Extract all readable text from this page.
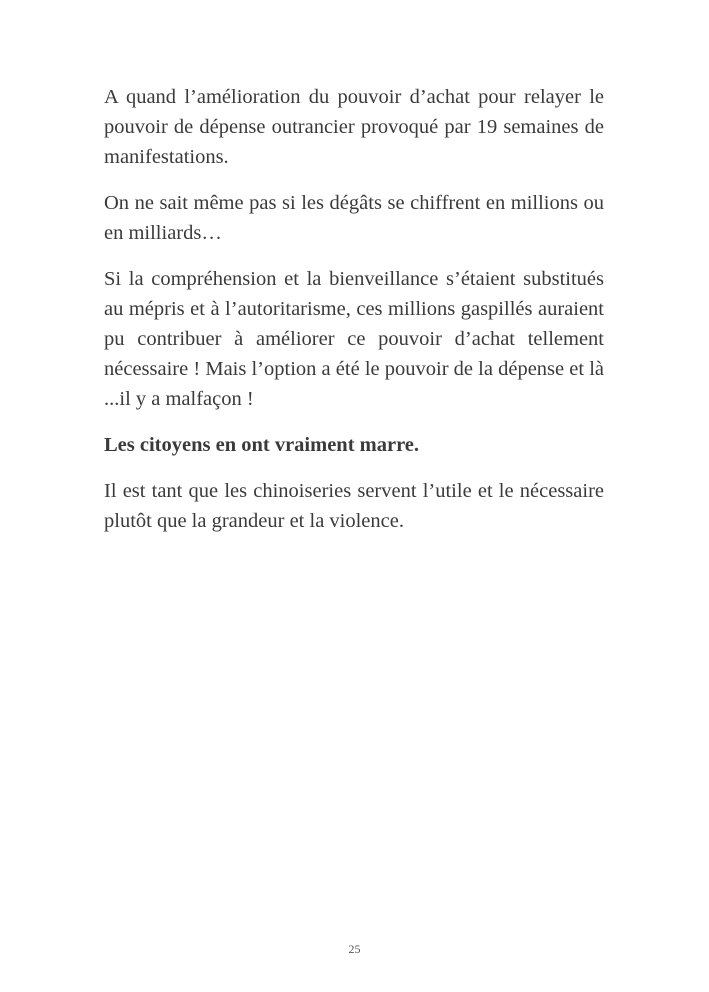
A quand l’amélioration du pouvoir d’achat pour relayer le pouvoir de dépense outrancier provoqué par 19 semaines de manifestations.

On ne sait même pas si les dégâts se chiffrent en millions ou en milliards…

Si la compréhension et la bienveillance s’étaient substitués au mépris et à l’autoritarisme, ces millions gaspillés auraient pu contribuer à améliorer ce pouvoir d’achat tellement nécessaire ! Mais l’option a été le pouvoir de la dépense et là ...il y a malfaçon !

Les citoyens en ont vraiment marre.

Il est tant que les chinoiseries servent l’utile et le nécessaire plutôt que la grandeur et la violence.

25
